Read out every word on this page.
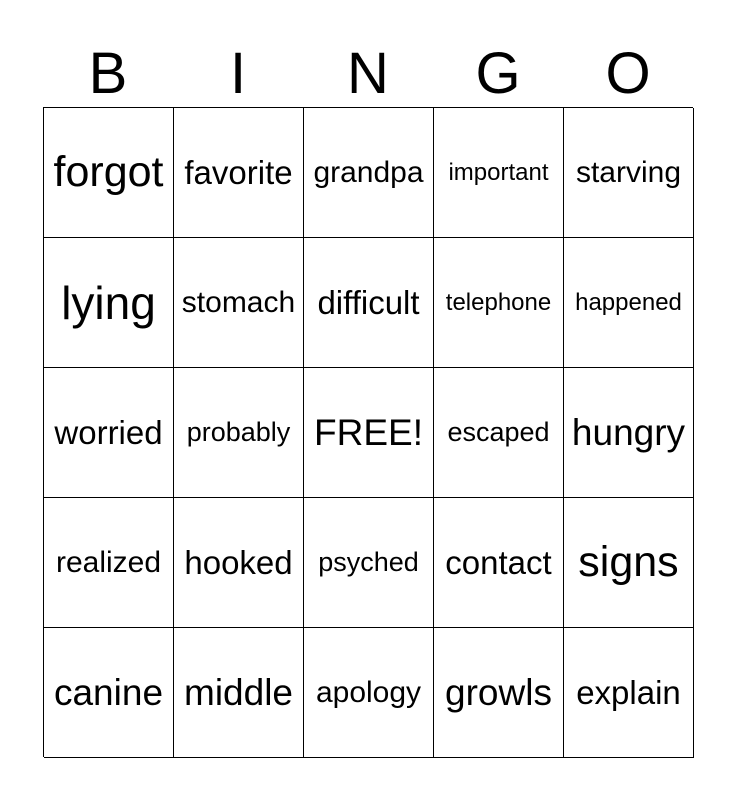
B	I	N	G	O
forgot favorite grandpa	important starving
lying stomach difficult	telephone happened
worried probably FREE! escaped hungry
realized hooked psyched contact signs
canine middle apology growls explain
